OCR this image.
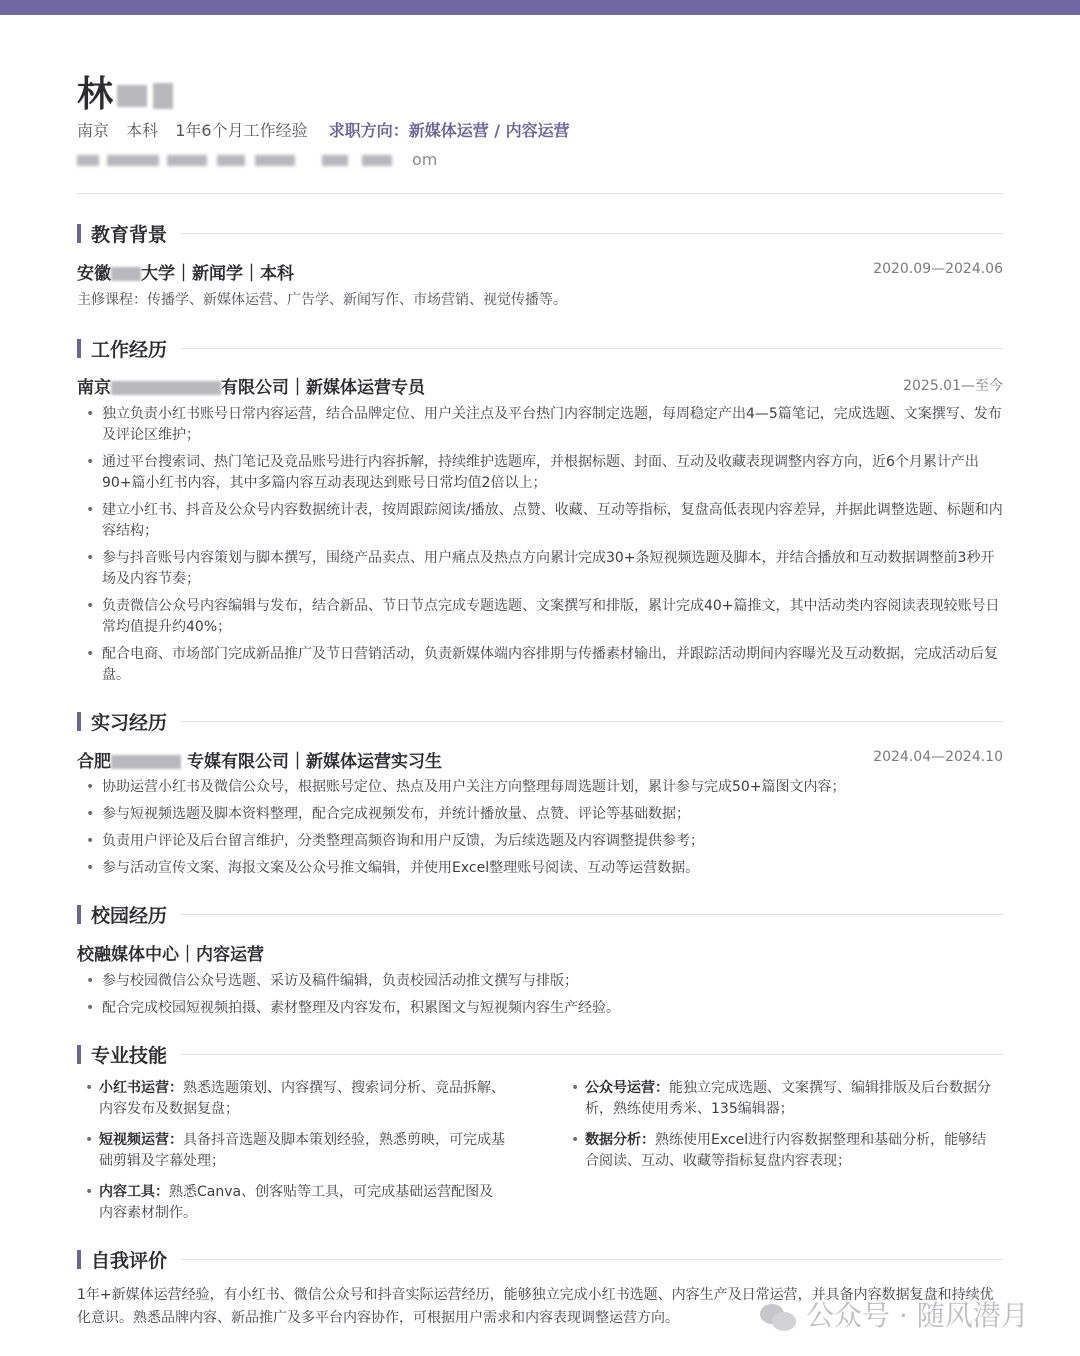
林
南京 本科 1年6个月工作经验 求职方向：新媒体运营 / 内容运营
om
教育背景
安徽 大学｜新闻学｜本科	2020.09—2024.06
主修课程：传播学、新媒体运营、广告学、新闻写作、市场营销、视觉传播等。
工作经历
南京	有限公司｜新媒体运营专员	2025.01—至今
• 独立负责小红书账号日常内容运营，结合品牌定位、用户关注点及平台热门内容制定选题，每周稳定产出4—5篇笔记，完成选题、文案撰写、发布及评论区维护；
• 通过平台搜索词、热门笔记及竞品账号进行内容拆解，持续维护选题库，并根据标题、封面、互动及收藏表现调整内容方向，近6个月累计产出90+篇小红书内容，其中多篇内容互动表现达到账号日常均值2倍以上；
• 建立小红书、抖音及公众号内容数据统计表，按周跟踪阅读/播放、点赞、收藏、互动等指标，复盘高低表现内容差异，并据此调整选题、标题和内容结构；
• 参与抖音账号内容策划与脚本撰写，围绕产品卖点、用户痛点及热点方向累计完成30+条短视频选题及脚本，并结合播放和互动数据调整前3秒开场及内容节奏；
• 负责微信公众号内容编辑与发布，结合新品、节日节点完成专题选题、文案撰写和排版，累计完成40+篇推文，其中活动类内容阅读表现较账号日常均值提升约40%；
• 配合电商、市场部门完成新品推广及节日营销活动，负责新媒体端内容排期与传播素材输出，并跟踪活动期间内容曝光及互动数据，完成活动后复盘。
实习经历
合肥	专媒有限公司｜新媒体运营实习生	2024.04—2024.10
• 协助运营小红书及微信公众号，根据账号定位、热点及用户关注方向整理每周选题计划，累计参与完成50+篇图文内容；
• 参与短视频选题及脚本资料整理，配合完成视频发布，并统计播放量、点赞、评论等基础数据；
• 负责用户评论及后台留言维护，分类整理高频咨询和用户反馈，为后续选题及内容调整提供参考；
• 参与活动宣传文案、海报文案及公众号推文编辑，并使用Excel整理账号阅读、互动等运营数据。
校园经历
校融媒体中心｜内容运营
• 参与校园微信公众号选题、采访及稿件编辑，负责校园活动推文撰写与排版；
• 配合完成校园短视频拍摄、素材整理及内容发布，积累图文与短视频内容生产经验。
专业技能
• 小红书运营：熟悉选题策划、内容撰写、搜索词分析、竞品拆解、内容发布及数据复盘；
• 公众号运营：能独立完成选题、文案撰写、编辑排版及后台数据分析，熟练使用秀米、135编辑器；
• 短视频运营：具备抖音选题及脚本策划经验，熟悉剪映，可完成基础剪辑及字幕处理；
• 数据分析：熟练使用Excel进行内容数据整理和基础分析，能够结合阅读、互动、收藏等指标复盘内容表现；
• 内容工具：熟悉Canva、创客贴等工具，可完成基础运营配图及内容素材制作。
自我评价
1年+新媒体运营经验，有小红书、微信公众号和抖音实际运营经历，能够独立完成小红书选题、内容生产及日常运营，并具备内容数据复盘和持续优化意识。熟悉品牌内容、新品推广及多平台内容协作，可根据用户需求和内容表现调整运营方向。	公众号 · 随风潜月
